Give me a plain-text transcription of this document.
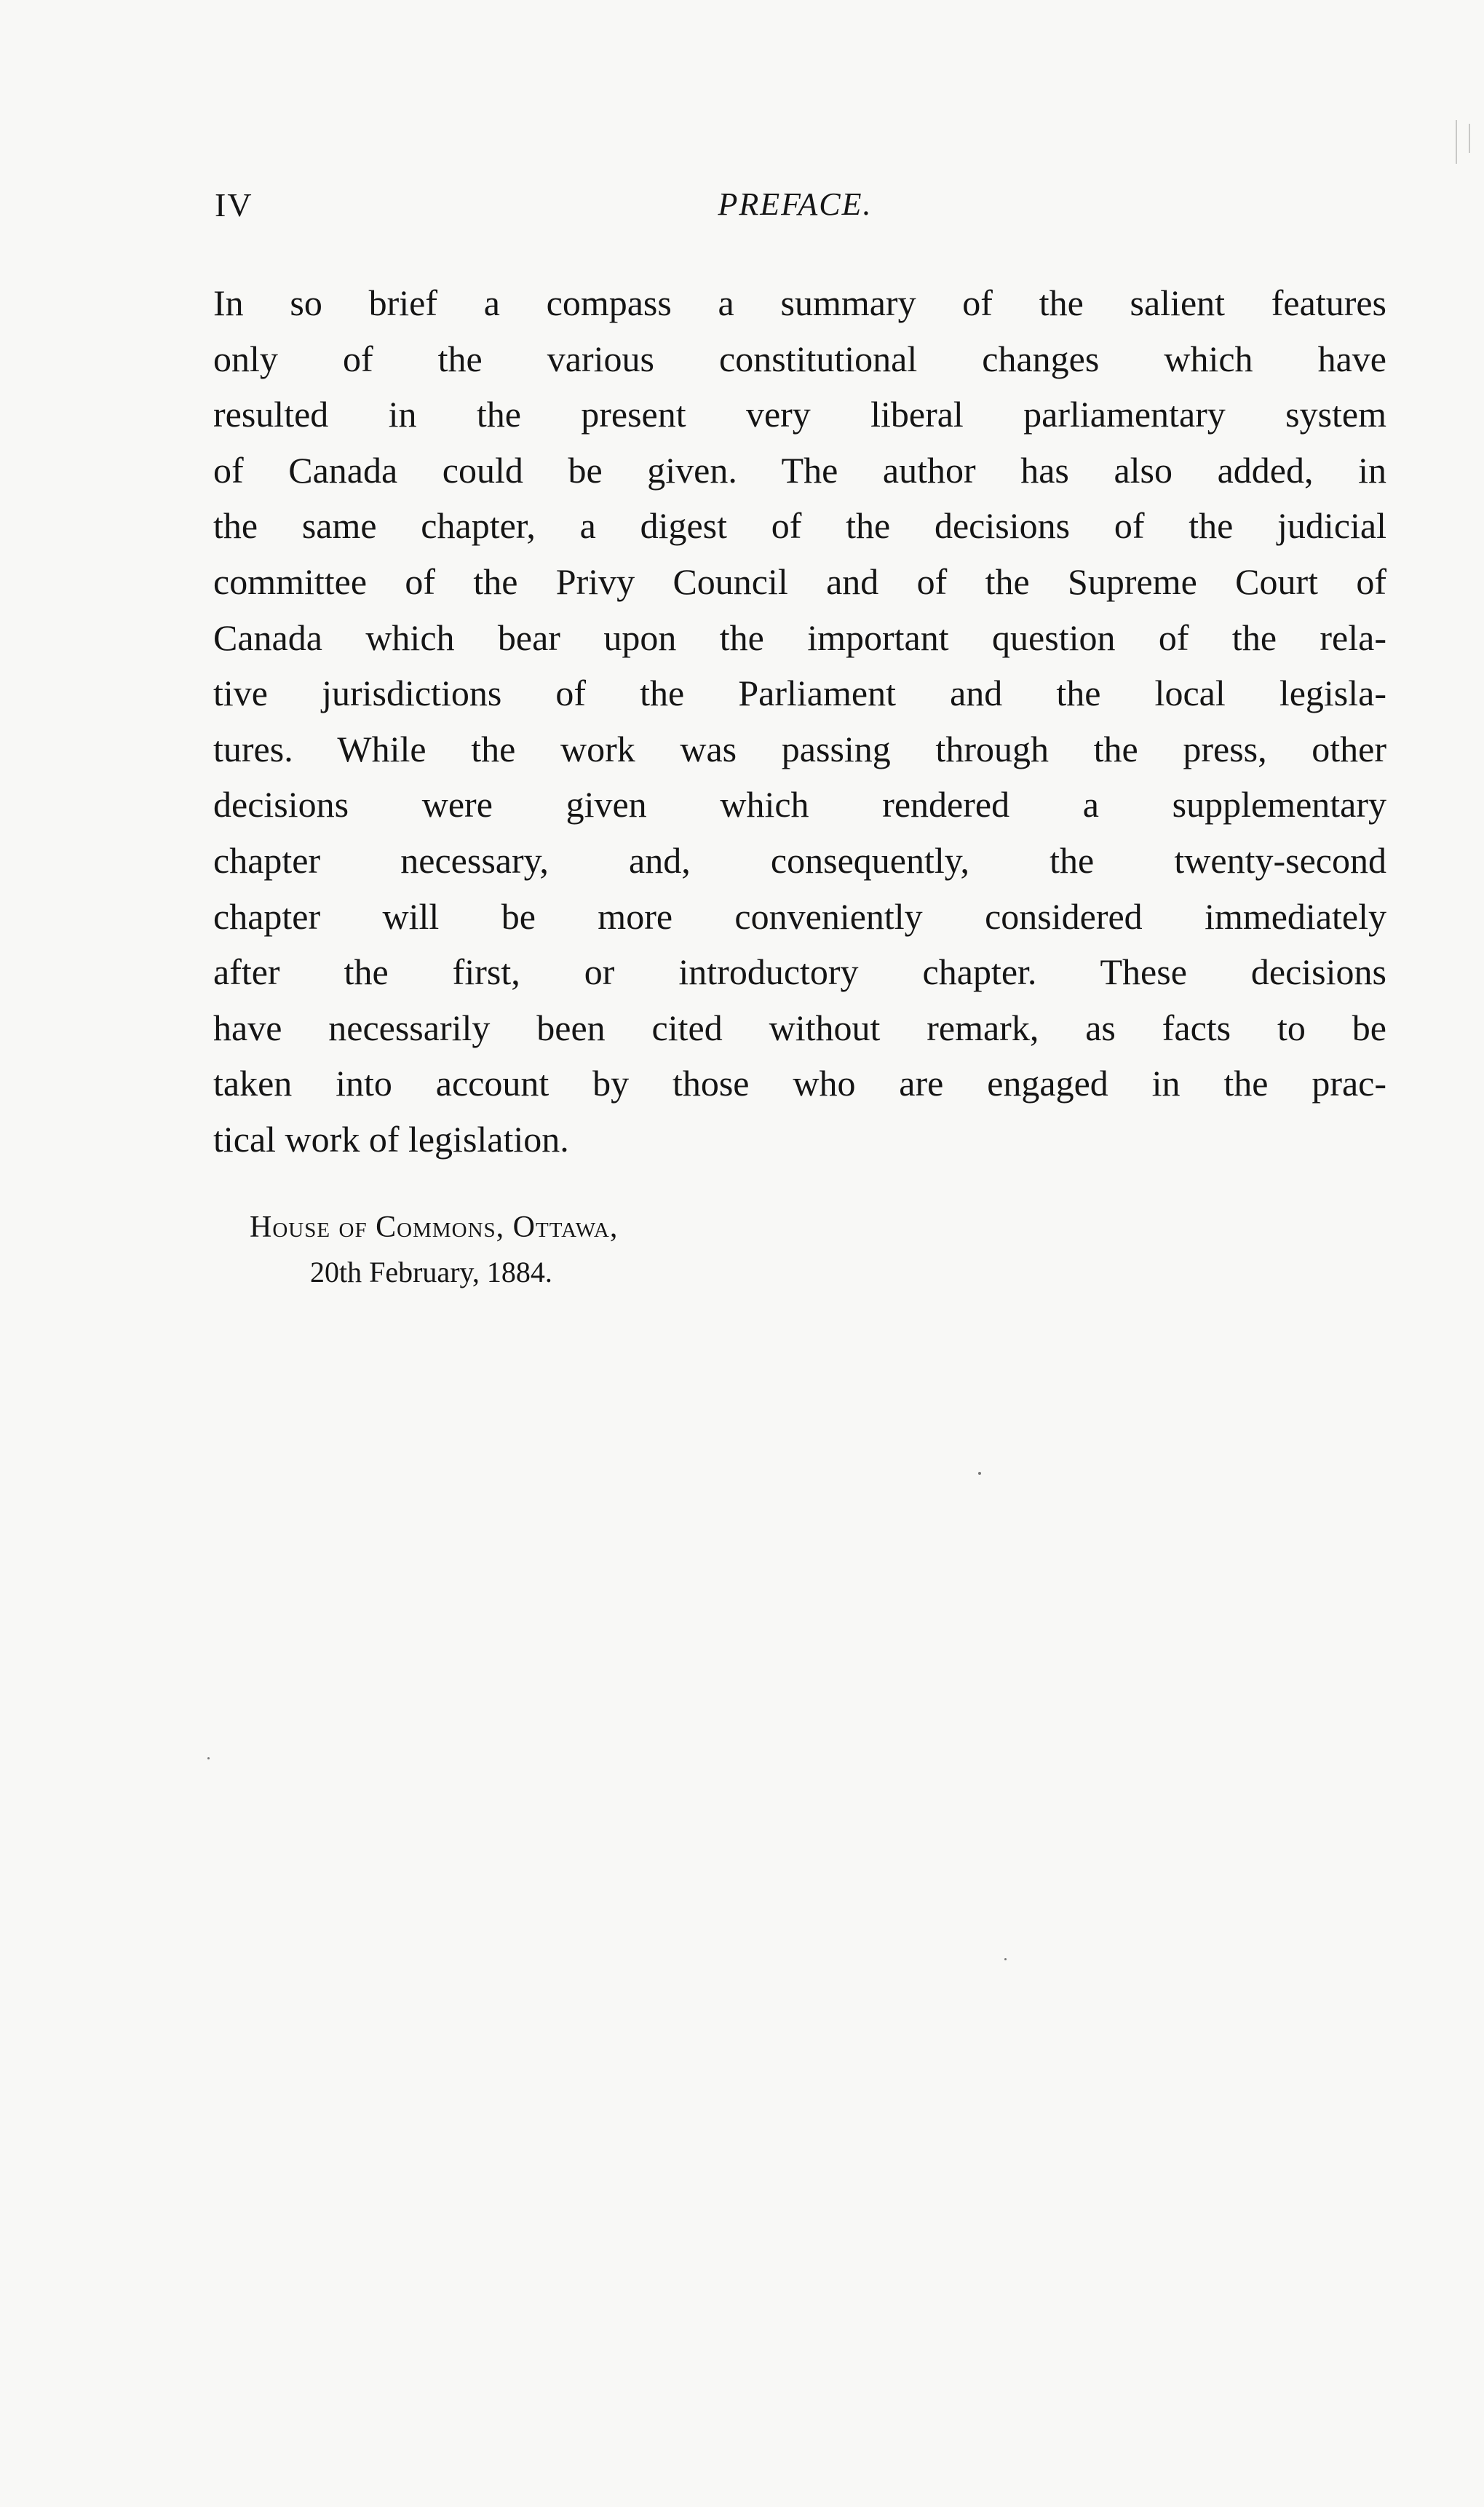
IV	PREFACE.

In so brief a compass a summary of the salient features
only of the various constitutional changes which have
resulted in the present very liberal parliamentary system
of Canada could be given. The author has also added, in
the same chapter, a digest of the decisions of the judicial
committee of the Privy Council and of the Supreme Court of
Canada which bear upon the important question of the rela-
tive jurisdictions of the Parliament and the local legisla-
tures. While the work was passing through the press, other
decisions were given which rendered a supplementary
chapter necessary, and, consequently, the twenty-second
chapter will be more conveniently considered immediately
after the first, or introductory chapter. These decisions
have necessarily been cited without remark, as facts to be
taken into account by those who are engaged in the prac-
tical work of legislation.

House of Commons, Ottawa,
20th February, 1884.
